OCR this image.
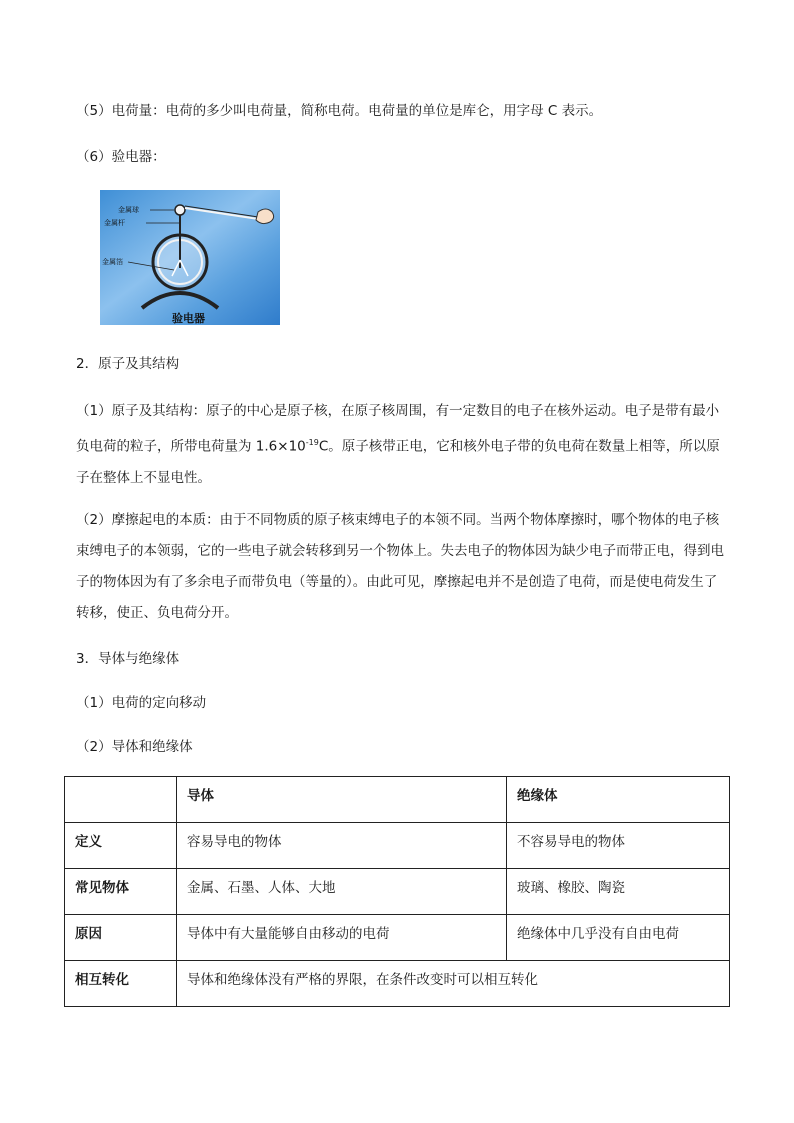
（5）电荷量：电荷的多少叫电荷量，简称电荷。电荷量的单位是库仑，用字母 C 表示。

（6）验电器：

金属球
金属杆
金属箔
验电器

2．原子及其结构

（1）原子及其结构：原子的中心是原子核，在原子核周围，有一定数目的电子在核外运动。电子是带有最小负电荷的粒子，所带电荷量为 $1.6\times 10^{-19}C$。原子核带正电，它和核外电子带的负电荷在数量上相等，所以原子在整体上不显电性。

（2）摩擦起电的本质：由于不同物质的原子核束缚电子的本领不同。当两个物体摩擦时，哪个物体的电子核束缚电子的本领弱，它的一些电子就会转移到另一个物体上。失去电子的物体因为缺少电子而带正电，得到电子的物体因为有了多余电子而带负电（等量的）。由此可见，摩擦起电并不是创造了电荷，而是使电荷发生了转移，使正、负电荷分开。

3．导体与绝缘体

（1）电荷的定向移动

（2）导体和绝缘体

	导体	绝缘体
定义	容易导电的物体	不容易导电的物体
常见物体	金属、石墨、人体、大地	玻璃、橡胶、陶瓷
原因	导体中有大量能够自由移动的电荷	绝缘体中几乎没有自由电荷
相互转化	导体和绝缘体没有严格的界限，在条件改变时可以相互转化	
